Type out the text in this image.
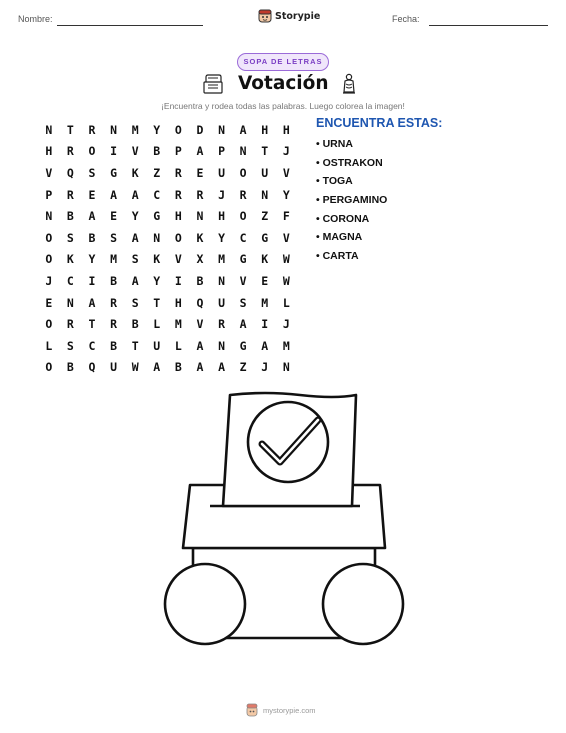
Nombre:	Storypie	Fecha:
SOPA DE LETRAS
Votación
¡Encuentra y rodea todas las palabras. Luego colorea la imagen!
N	T	R	N	M	Y	O	D	N	A	H	H
H	R	O	I	V	B	P	A	P	N	T	J
V	Q	S	G	K	Z	R	E	U	O	U	V
P	R	E	A	A	C	R	R	J	R	N	Y
N	B	A	E	Y	G	H	N	H	O	Z	F
O	S	B	S	A	N	O	K	Y	C	G	V
O	K	Y	M	S	K	V	X	M	G	K	W
J	C	I	B	A	Y	I	B	N	V	E	W
E	N	A	R	S	T	H	Q	U	S	M	L
O	R	T	R	B	L	M	V	R	A	I	J
L	S	C	B	T	U	L	A	N	G	A	M
O	B	Q	U	W	A	B	A	A	Z	J	N
ENCUENTRA ESTAS:
• URNA
• OSTRAKON
• TOGA
• PERGAMINO
• CORONA
• MAGNA
• CARTA
mystorypie.com
